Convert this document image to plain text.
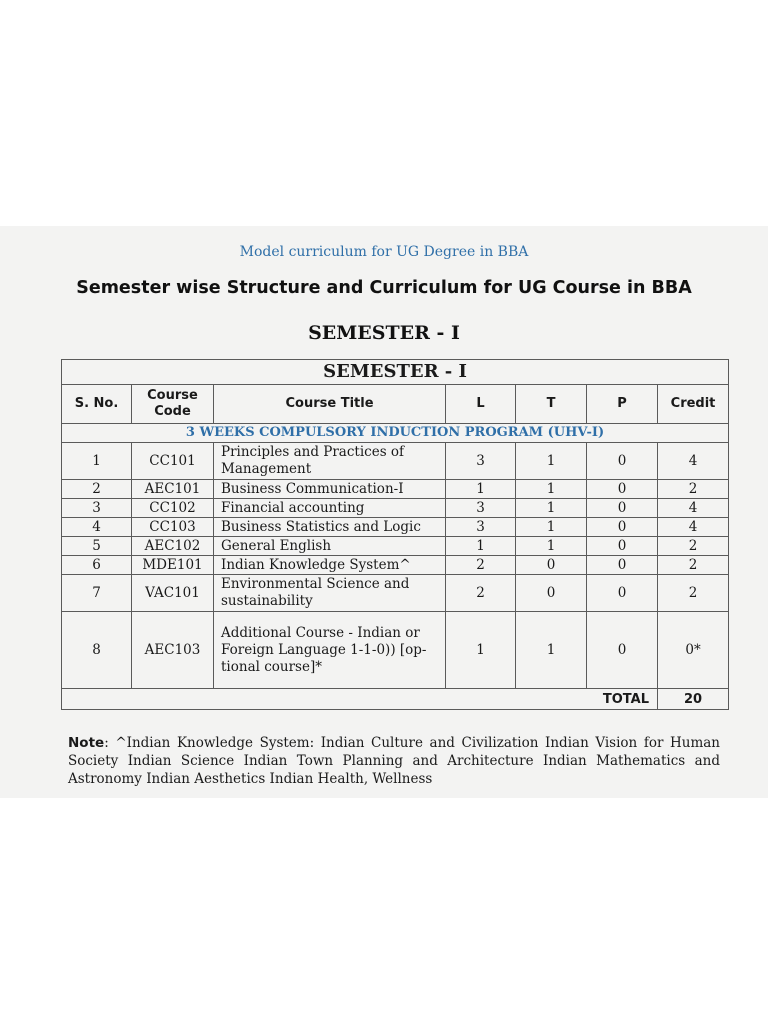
Model curriculum for UG Degree in BBA
Semester wise Structure and Curriculum for UG Course in BBA
SEMESTER - I
SEMESTER - I						
S. No.	Course Code	Course Title	L	T	P	Credit
3 WEEKS COMPULSORY INDUCTION PROGRAM (UHV-I)						
1	CC101	Principles and Practices of Management	3	1	0	4
2	AEC101	Business Communication-I	1	1	0	2
3	CC102	Financial accounting	3	1	0	4
4	CC103	Business Statistics and Logic	3	1	0	4
5	AEC102	General English	1	1	0	2
6	MDE101	Indian Knowledge System^	2	0	0	2
7	VAC101	Environmental Science and sustainability	2	0	0	2
8	AEC103	Additional Course - Indian or Foreign Language 1-1-0)) [op- tional course]*	1	1	0	0*
TOTAL						20
Note: ^Indian Knowledge System: Indian Culture and Civilization Indian Vision for Human Society Indian Science Indian Town Planning and Architecture Indian Mathematics and Astronomy Indian Aesthetics Indian Health, Wellness
